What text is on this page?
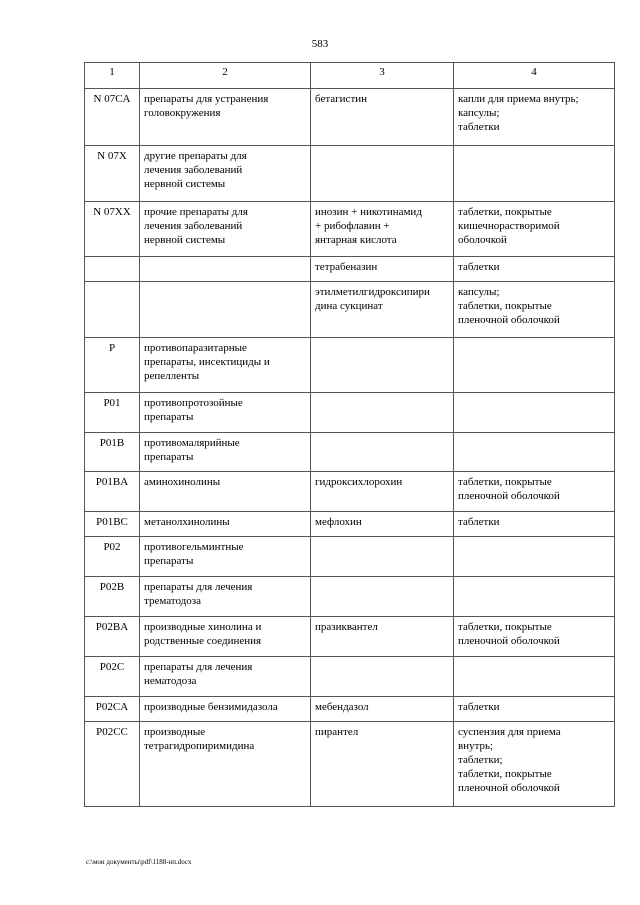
583
1	2	3	4
N 07CA	препараты для устранения
головокружения	бетагистин	капли для приема внутрь;
капсулы;
таблетки

N 07X	другие препараты для
лечения заболеваний
нервной системы		

N 07XX	прочие препараты для
лечения заболеваний
нервной системы	инозин + никотинамид
+ рибофлавин +
янтарная кислота	таблетки, покрытые
кишечнорастворимой
оболочкой

		тетрабеназин	таблетки

		этилметилгидроксипири
дина сукцинат	капсулы;
таблетки, покрытые
пленочной оболочкой

P	противопаразитарные
препараты, инсектициды и
репелленты		

P01	противопротозойные
препараты		

P01B	противомалярийные
препараты		

P01BA	аминохинолины	гидроксихлорохин	таблетки, покрытые
пленочной оболочкой

P01BC	метанолхинолины	мефлохин	таблетки

P02	противогельминтные
препараты		

P02B	препараты для лечения
трематодоза		

P02BA	производные хинолина и
родственные соединения	празиквантел	таблетки, покрытые
пленочной оболочкой

P02C	препараты для лечения
нематодоза		

P02CA	производные бензимидазола	мебендазол	таблетки

P02CC	производные
тетрагидропиримидина	пирантел	суспензия для приема
внутрь;
таблетки;
таблетки, покрытые
пленочной оболочкой
c:\мои документы\pdf\1188-нп.docx
